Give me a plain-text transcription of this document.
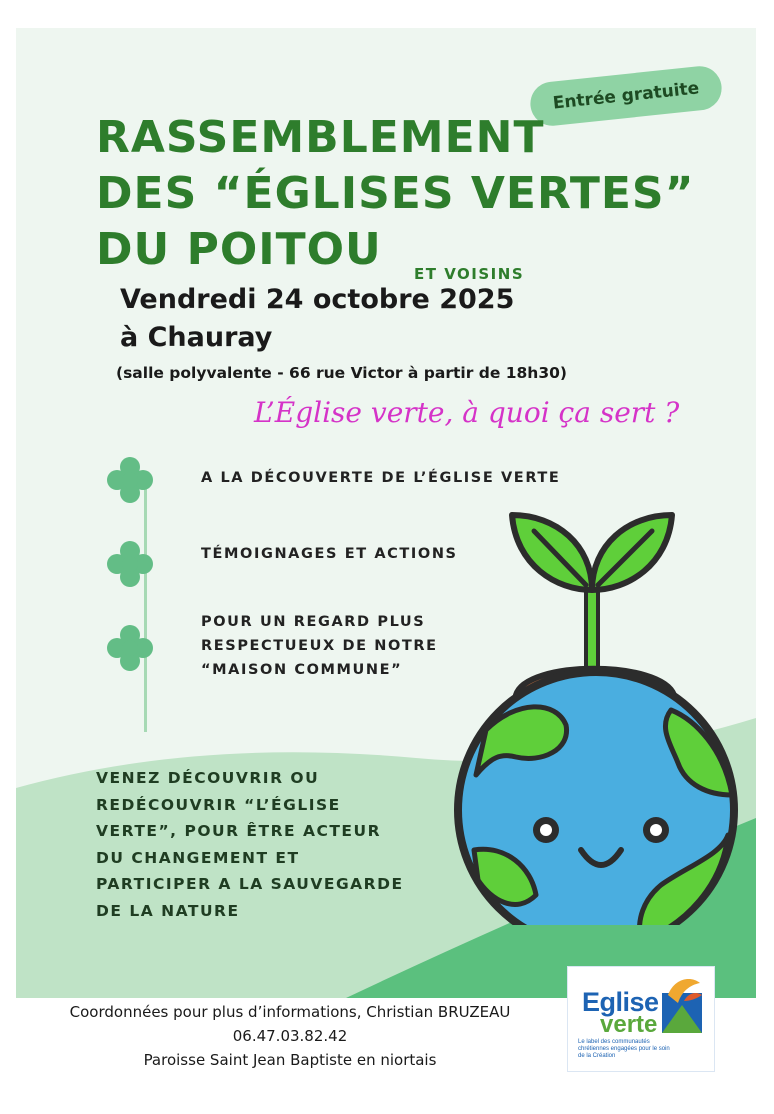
Entrée gratuite
RASSEMBLEMENT
DES “ÉGLISES VERTES”
DU POITOU ET VOISINS

Vendredi 24 octobre 2025

à Chauray

(salle polyvalente - 66 rue Victor à partir de 18h30)
L’Église verte, à quoi ça sert ?
A LA DÉCOUVERTE DE L’ÉGLISE VERTE
TÉMOIGNAGES ET ACTIONS
POUR UN REGARD PLUS
RESPECTUEUX DE NOTRE
“MAISON COMMUNE”
VENEZ DÉCOUVRIR OU
REDÉCOUVRIR “L’ÉGLISE
VERTE”, POUR ÊTRE ACTEUR
DU CHANGEMENT ET
PARTICIPER A LA SAUVEGARDE
DE LA NATURE
Coordonnées pour plus d’informations, Christian BRUZEAU
06.47.03.82.42
Paroisse Saint Jean Baptiste en niortais
Eglise
verte
Le label des communautés chrétiennes engagées pour le soin de la Création
